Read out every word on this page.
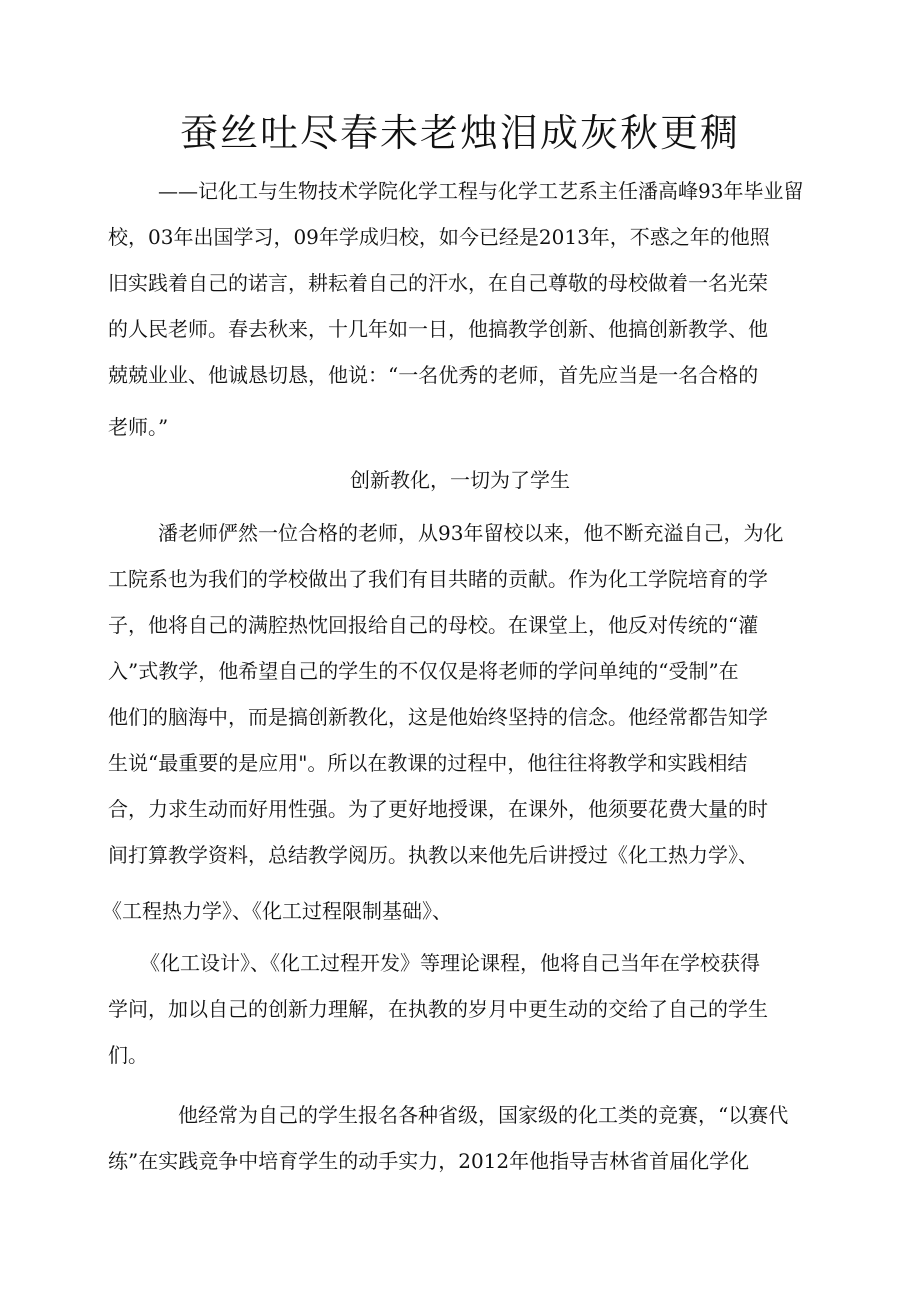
蚕丝吐尽春未老烛泪成灰秋更稠
——记化工与生物技术学院化学工程与化学工艺系主任潘高峰93年毕业留
校，03年出国学习，09年学成归校，如今已经是2013年，不惑之年的他照
旧实践着自己的诺言，耕耘着自己的汗水，在自己尊敬的母校做着一名光荣
的人民老师。春去秋来，十几年如一日，他搞教学创新、他搞创新教学、他
兢兢业业、他诚恳切恳，他说：“一名优秀的老师，首先应当是一名合格的
老师。”
创新教化，一切为了学生
潘老师俨然一位合格的老师，从93年留校以来，他不断充溢自己，为化
工院系也为我们的学校做出了我们有目共睹的贡献。作为化工学院培育的学
子，他将自己的满腔热忱回报给自己的母校。在课堂上，他反对传统的“灌
入”式教学，他希望自己的学生的不仅仅是将老师的学问单纯的“受制”在
他们的脑海中，而是搞创新教化，这是他始终坚持的信念。他经常都告知学
生说“最重要的是应用"。所以在教课的过程中，他往往将教学和实践相结
合，力求生动而好用性强。为了更好地授课，在课外，他须要花费大量的时
间打算教学资料，总结教学阅历。执教以来他先后讲授过《化工热力学》、
《工程热力学》、《化工过程限制基础》、
《化工设计》、《化工过程开发》等理论课程，他将自己当年在学校获得
学问，加以自己的创新力理解，在执教的岁月中更生动的交给了自己的学生
们。
他经常为自己的学生报名各种省级，国家级的化工类的竞赛，“以赛代
练”在实践竞争中培育学生的动手实力，2012年他指导吉林省首届化学化
